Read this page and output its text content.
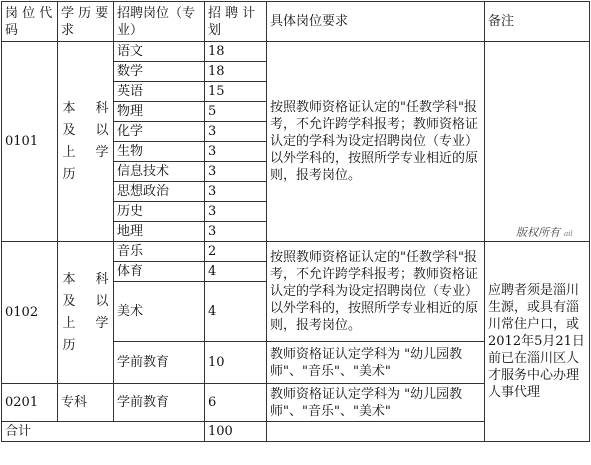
岗 位 代码	学 历 要求	招聘岗位（专业）	招 聘 计 划	具体岗位要求	备注
0101	本 科 及 以 上 学 历	语文	18	按照教师资格证认定的"任教学科"报考，不允许跨学科报考；教师资格证认定的学科为设定招聘岗位（专业）以外学科的，按照所学专业相近的原则，报考岗位。	
		数学	18		
		英语	15		
		物理	5		
		化学	3		
		生物	3		
		信息技术	3		
		思想政治	3		
		历史	3		
		地理	3		
0102	本 科 及 以 上 学 历	音乐	2	按照教师资格证认定的"任教学科"报考，不允许跨学科报考；教师资格证认定的学科为设定招聘岗位（专业）以外学科的，按照所学专业相近的原则，报考岗位。	应聘者须是淄川生源，或具有淄川常住户口，或2012年5月21日前已在淄川区人才服务中心办理人事代理
		体育	4		
		美术	4		
		学前教育	10	教师资格证认定学科为 "幼儿园教师"、"音乐"、"美术"	
0201	专科	学前教育	6	教师资格证认定学科为 "幼儿园教师"、"音乐"、"美术"	
合计			100		
版权所有 ail
